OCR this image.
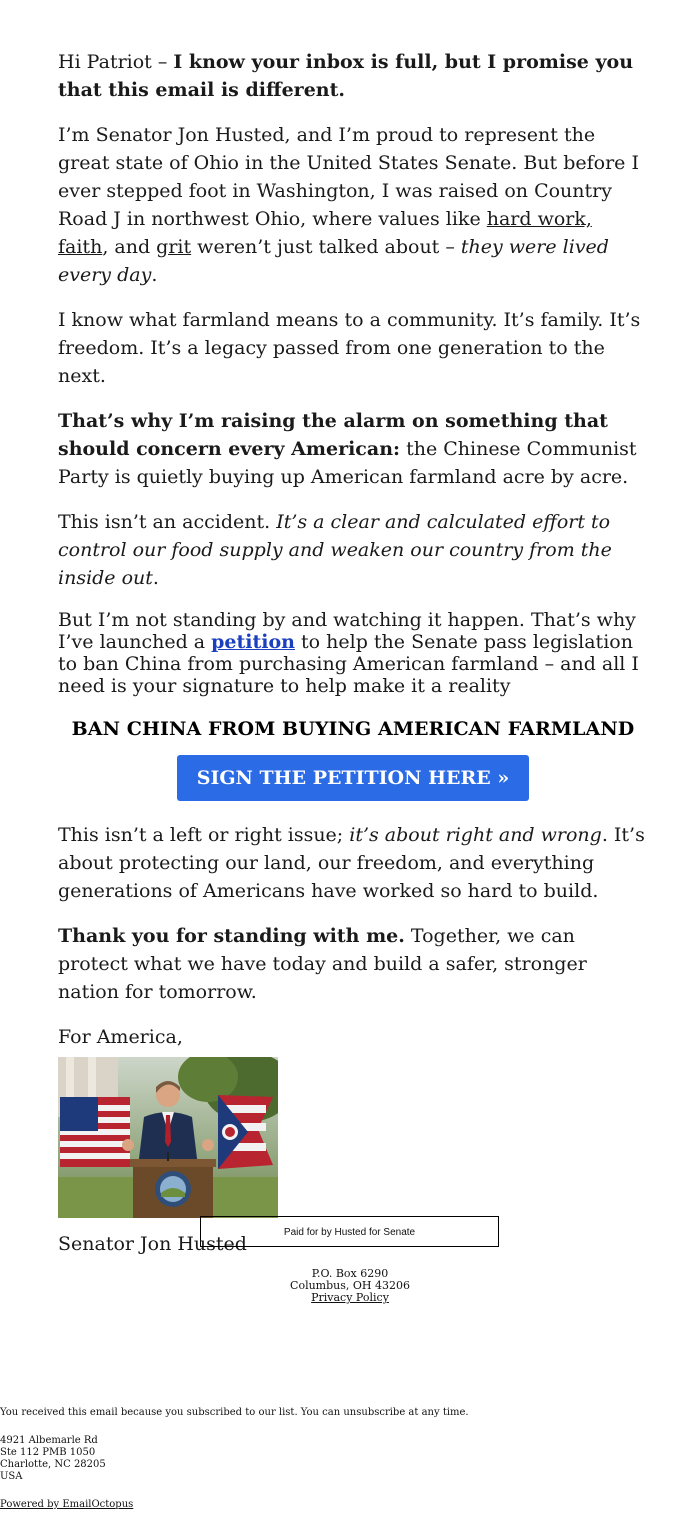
Hi Patriot – I know your inbox is full, but I promise you that this email is different.

I’m Senator Jon Husted, and I’m proud to represent the great state of Ohio in the United States Senate. But before I ever stepped foot in Washington, I was raised on Country Road J in northwest Ohio, where values like hard work, faith, and grit weren’t just talked about – they were lived every day.

I know what farmland means to a community. It’s family. It’s freedom. It’s a legacy passed from one generation to the next.

That’s why I’m raising the alarm on something that should concern every American: the Chinese Communist Party is quietly buying up American farmland acre by acre.

This isn’t an accident. It’s a clear and calculated effort to control our food supply and weaken our country from the inside out.

But I’m not standing by and watching it happen. That’s why I’ve launched a petition to help the Senate pass legislation to ban China from purchasing American farmland – and all I need is your signature to help make it a reality

BAN CHINA FROM BUYING AMERICAN FARMLAND
SIGN THE PETITION HERE »

This isn’t a left or right issue; it’s about right and wrong. It’s about protecting our land, our freedom, and everything generations of Americans have worked so hard to build.

Thank you for standing with me. Together, we can protect what we have today and build a safer, stronger nation for tomorrow.

For America,

Senator Jon Husted

Paid for by Husted for Senate
P.O. Box 6290
Columbus, OH 43206
Privacy Policy
You received this email because you subscribed to our list. You can unsubscribe at any time.
4921 Albemarle Rd
Ste 112 PMB 1050
Charlotte, NC 28205
USA
Powered by EmailOctopus
